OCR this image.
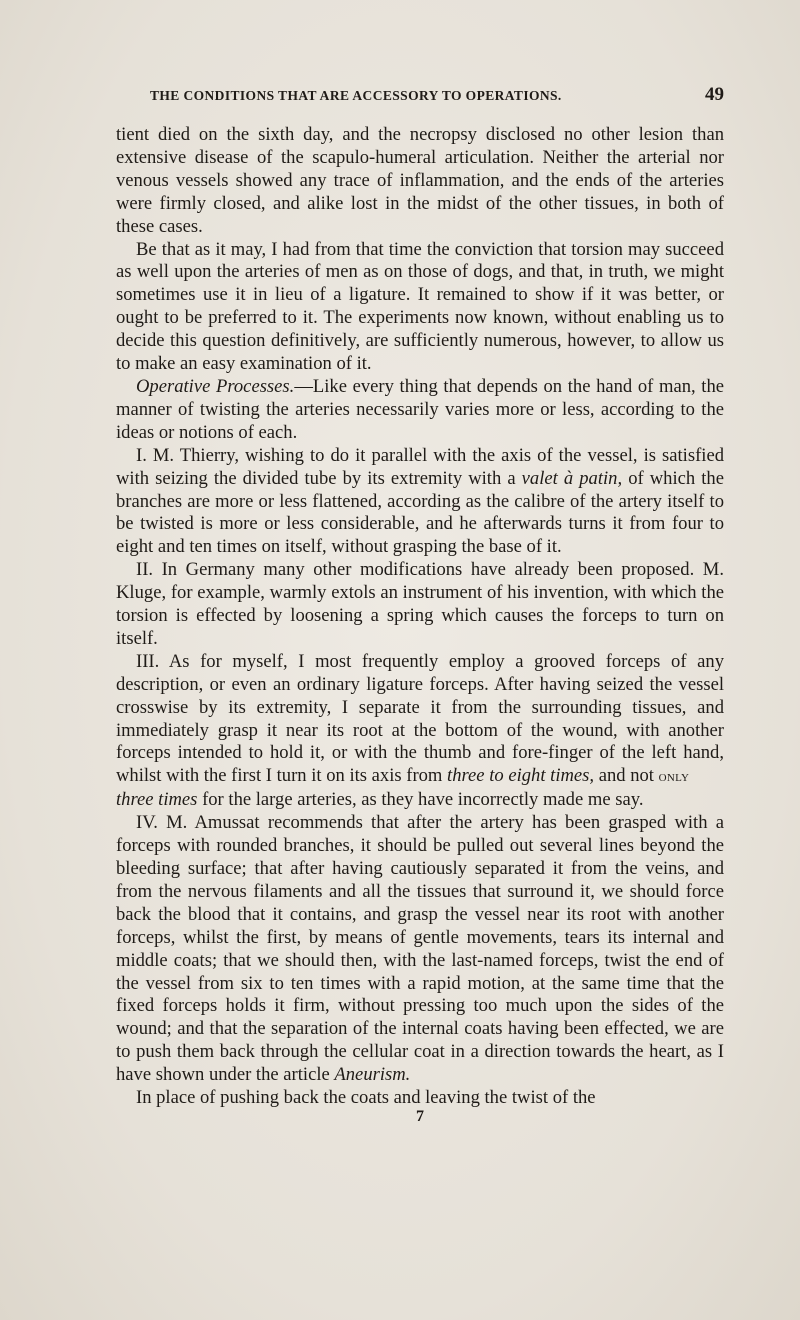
THE CONDITIONS THAT ARE ACCESSORY TO OPERATIONS.	49

tient died on the sixth day, and the necropsy disclosed no other lesion than extensive disease of the scapulo-humeral articulation. Neither the arterial nor venous vessels showed any trace of inflammation, and the ends of the arteries were firmly closed, and alike lost in the midst of the other tissues, in both of these cases.

Be that as it may, I had from that time the conviction that torsion may succeed as well upon the arteries of men as on those of dogs, and that, in truth, we might sometimes use it in lieu of a ligature. It remained to show if it was better, or ought to be preferred to it. The experiments now known, without enabling us to decide this question definitively, are sufficiently numerous, however, to allow us to make an easy examination of it.

Operative Processes.—Like every thing that depends on the hand of man, the manner of twisting the arteries necessarily varies more or less, according to the ideas or notions of each.

I. M. Thierry, wishing to do it parallel with the axis of the vessel, is satisfied with seizing the divided tube by its extremity with a valet à patin, of which the branches are more or less flattened, according as the calibre of the artery itself to be twisted is more or less considerable, and he afterwards turns it from four to eight and ten times on itself, without grasping the base of it.

II. In Germany many other modifications have already been proposed. M. Kluge, for example, warmly extols an instrument of his invention, with which the torsion is effected by loosening a spring which causes the forceps to turn on itself.

III. As for myself, I most frequently employ a grooved forceps of any description, or even an ordinary ligature forceps. After having seized the vessel crosswise by its extremity, I separate it from the surrounding tissues, and immediately grasp it near its root at the bottom of the wound, with another forceps intended to hold it, or with the thumb and fore-finger of the left hand, whilst with the first I turn it on its axis from three to eight times, and not only
three times for the large arteries, as they have incorrectly made me say.

IV. M. Amussat recommends that after the artery has been grasped with a forceps with rounded branches, it should be pulled out several lines beyond the bleeding surface; that after having cautiously separated it from the veins, and from the nervous filaments and all the tissues that surround it, we should force back the blood that it contains, and grasp the vessel near its root with another forceps, whilst the first, by means of gentle movements, tears its internal and middle coats; that we should then, with the last-named forceps, twist the end of the vessel from six to ten times with a rapid motion, at the same time that the fixed forceps holds it firm, without pressing too much upon the sides of the wound; and that the separation of the internal coats having been effected, we are to push them back through the cellular coat in a direction towards the heart, as I have shown under the article Aneurism.

In place of pushing back the coats and leaving the twist of the

7
